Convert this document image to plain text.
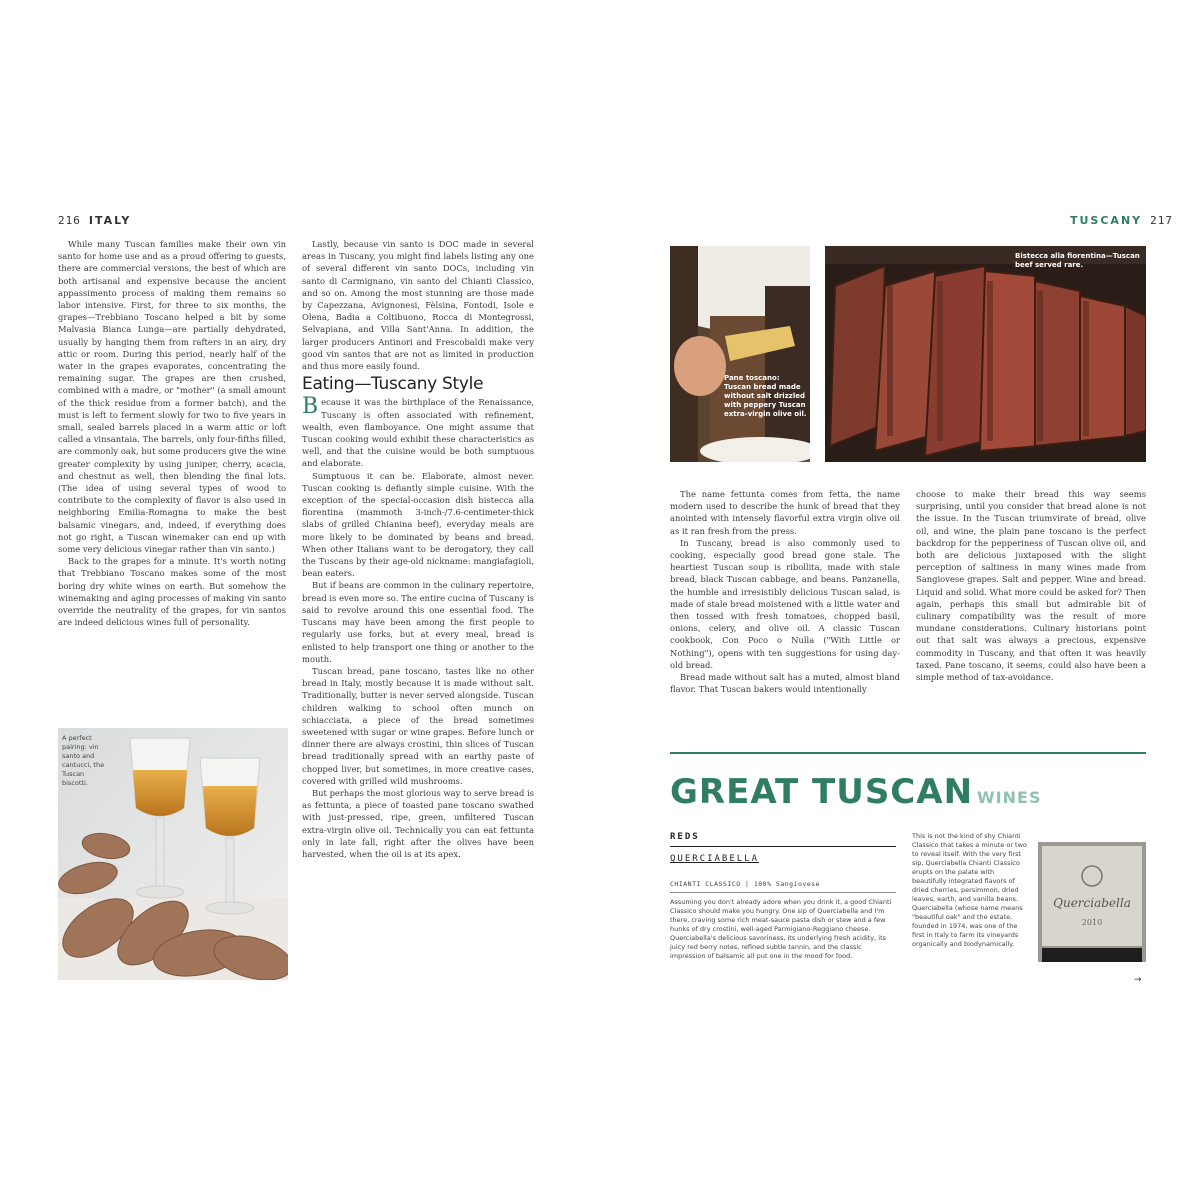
216 ITALY

While many Tuscan families make their own vin santo for home use and as a proud offering to guests, there are commercial versions, the best of which are both artisanal and expensive because the ancient appassimento process of making them remains so labor intensive. First, for three to six months, the grapes—Trebbiano Toscano helped a bit by some Malvasia Bianca Lunga—are partially dehydrated, usually by hanging them from rafters in an airy, dry attic or room. During this period, nearly half of the water in the grapes evaporates, concentrating the remaining sugar. The grapes are then crushed, combined with a madre, or "mother" (a small amount of the thick residue from a former batch), and the must is left to ferment slowly for two to five years in small, sealed barrels placed in a warm attic or loft called a vinsantaia. The barrels, only four-fifths filled, are commonly oak, but some producers give the wine greater complexity by using juniper, cherry, acacia, and chestnut as well, then blending the final lots. (The idea of using several types of wood to contribute to the complexity of flavor is also used in neighboring Emilia-Romagna to make the best balsamic vinegars, and, indeed, if everything does not go right, a Tuscan winemaker can end up with some very delicious vinegar rather than vin santo.)

Back to the grapes for a minute. It's worth noting that Trebbiano Toscano makes some of the most boring dry white wines on earth. But somehow the winemaking and aging processes of making vin santo override the neutrality of the grapes, for vin santos are indeed delicious wines full of personality.

Lastly, because vin santo is DOC made in several areas in Tuscany, you might find labels listing any one of several different vin santo DOCs, including vin santo di Carmignano, vin santo del Chianti Classico, and so on. Among the most stunning are those made by Capezzana, Avignonesi, Fèlsina, Fontodi, Isole e Olena, Badia a Coltibuono, Rocca di Montegrossi, Selvapiana, and Villa Sant'Anna. In addition, the larger producers Antinori and Frescobaldi make very good vin santos that are not as limited in production and thus more easily found.

Eating—Tuscany Style

Because it was the birthplace of the Renaissance, Tuscany is often associated with refinement, wealth, even flamboyance. One might assume that Tuscan cooking would exhibit these characteristics as well, and that the cuisine would be both sumptuous and elaborate.

Sumptuous it can be. Elaborate, almost never. Tuscan cooking is defiantly simple cuisine. With the exception of the special-occasion dish bistecca alla fiorentina (mammoth 3-inch-/7.6-centimeter-thick slabs of grilled Chianina beef), everyday meals are more likely to be dominated by beans and bread. When other Italians want to be derogatory, they call the Tuscans by their age-old nickname: mangiafagioli, bean eaters.

But if beans are common in the culinary repertoire, bread is even more so. The entire cucina of Tuscany is said to revolve around this one essential food. The Tuscans may have been among the first people to regularly use forks, but at every meal, bread is enlisted to help transport one thing or another to the mouth.

Tuscan bread, pane toscano, tastes like no other bread in Italy, mostly because it is made without salt. Traditionally, butter is never served alongside. Tuscan children walking to school often munch on schiacciata, a piece of the bread sometimes sweetened with sugar or wine grapes. Before lunch or dinner there are always crostini, thin slices of Tuscan bread traditionally spread with an earthy paste of chopped liver, but sometimes, in more creative cases, covered with grilled wild mushrooms.

But perhaps the most glorious way to serve bread is as fettunta, a piece of toasted pane toscano swathed with just-pressed, ripe, green, unfiltered Tuscan extra-virgin olive oil. Technically you can eat fettunta only in late fall, right after the olives have been harvested, when the oil is at its apex.

A perfect pairing: vin santo and cantucci, the Tuscan biscotti.
TUSCANY 217
Pane toscano: Tuscan bread made without salt drizzled with peppery Tuscan extra-virgin olive oil.
Bistecca alla fiorentina—Tuscan beef served rare.

The name fettunta comes from fetta, the name modern used to describe the hunk of bread that they anointed with intensely flavorful extra virgin olive oil as it ran fresh from the press.

In Tuscany, bread is also commonly used to cooking, especially good bread gone stale. The heartiest Tuscan soup is ribollita, made with stale bread, black Tuscan cabbage, and beans. Panzanella, the humble and irresistibly delicious Tuscan salad, is made of stale bread moistened with a little water and then tossed with fresh tomatoes, chopped basil, onions, celery, and olive oil. A classic Tuscan cookbook, Con Poco o Nulla ("With Little or Nothing"), opens with ten suggestions for using day-old bread.

Bread made without salt has a muted, almost bland flavor. That Tuscan bakers would intentionally

choose to make their bread this way seems surprising, until you consider that bread alone is not the issue. In the Tuscan triumvirate of bread, olive oil, and wine, the plain pane toscano is the perfect backdrop for the pepperiness of Tuscan olive oil, and both are delicious juxtaposed with the slight perception of saltiness in many wines made from Sangiovese grapes. Salt and pepper. Wine and bread. Liquid and solid. What more could be asked for? Then again, perhaps this small but admirable bit of culinary compatibility was the result of more mundane considerations. Culinary historians point out that salt was always a precious, expensive commodity in Tuscany, and that often it was heavily taxed. Pane toscano, it seems, could also have been a simple method of tax-avoidance.

GREAT TUSCAN WINES
REDS
QUERCIABELLA
CHIANTI CLASSICO | 100% Sangiovese
Assuming you don't already adore when you drink it, a good Chianti Classico should make you hungry. One sip of Querciabella and I'm there, craving some rich meat-sauce pasta dish or stew and a few hunks of dry crostini, well-aged Parmigiano-Reggiano cheese. Querciabella's delicious savoriness, its underlying fresh acidity, its juicy red berry notes, refined subtle tannin, and the classic impression of balsamic all put one in the mood for food.
This is not the kind of shy Chianti Classico that takes a minute or two to reveal itself. With the very first sip, Querciabella Chianti Classico erupts on the palate with beautifully integrated flavors of dried cherries, persimmon, dried leaves, earth, and vanilla beans. Querciabella (whose name means "beautiful oak" and the estate, founded in 1974, was one of the first in Italy to farm its vineyards organically and biodynamically.
Querciabella
2010
→
